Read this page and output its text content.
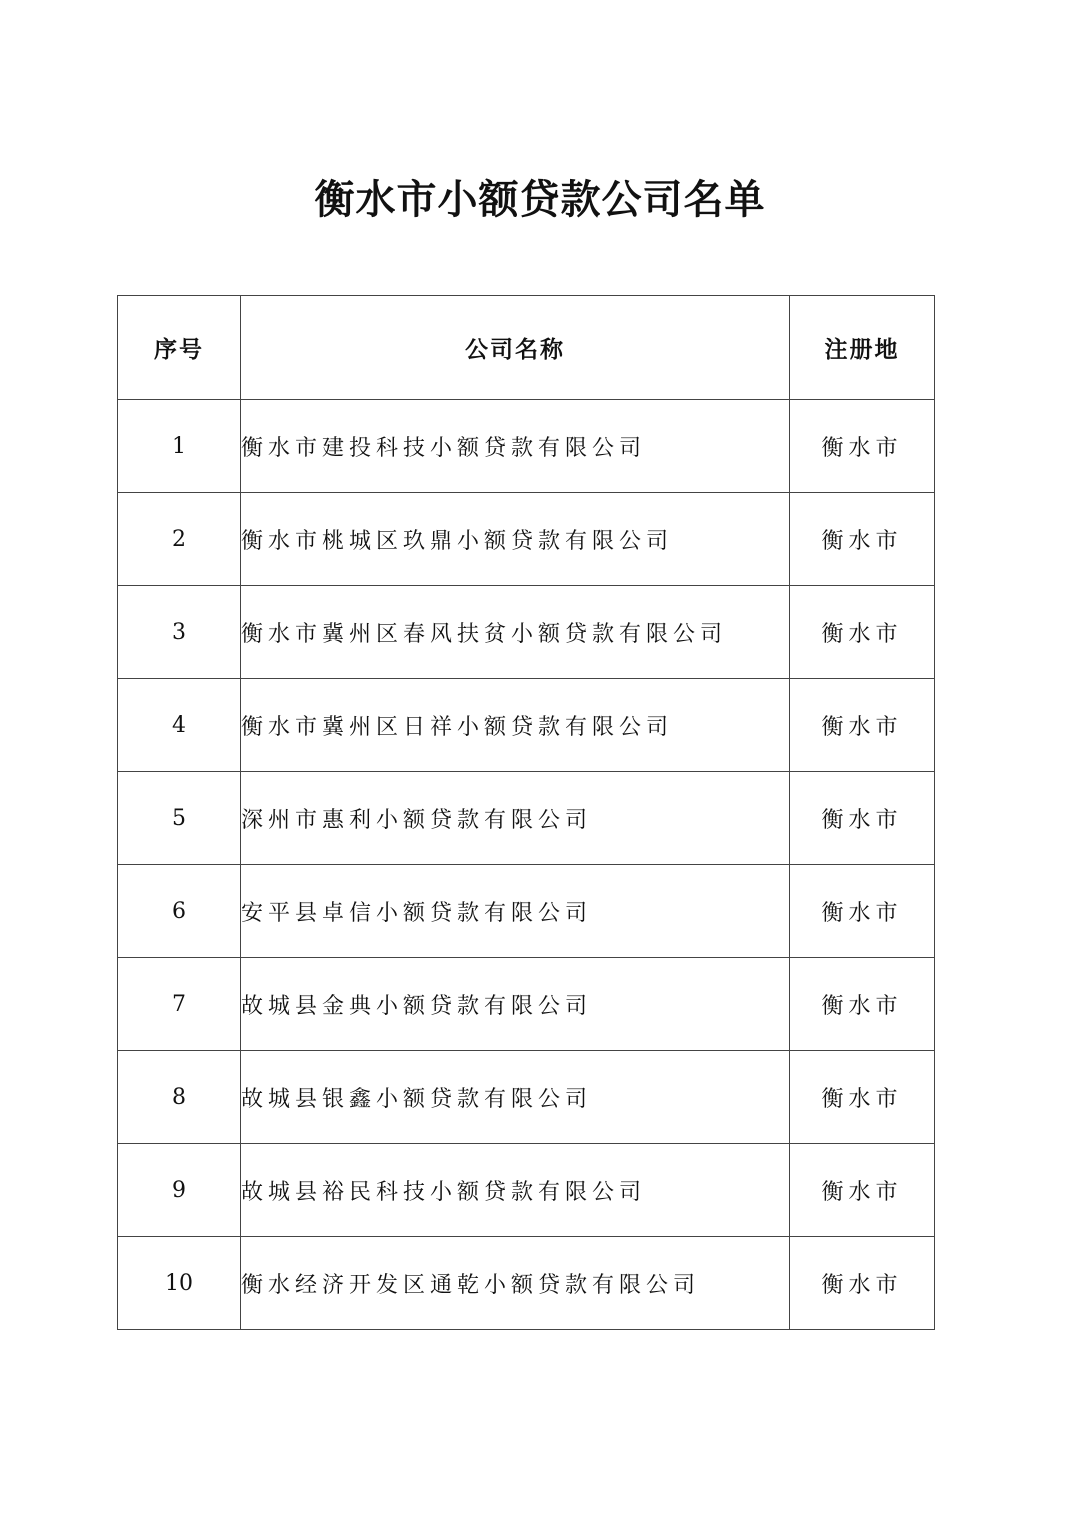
衡水市小额贷款公司名单
序号	公司名称	注册地
1	衡水市建投科技小额贷款有限公司	衡水市
2	衡水市桃城区玖鼎小额贷款有限公司	衡水市
3	衡水市冀州区春风扶贫小额贷款有限公司	衡水市
4	衡水市冀州区日祥小额贷款有限公司	衡水市
5	深州市惠利小额贷款有限公司	衡水市
6	安平县卓信小额贷款有限公司	衡水市
7	故城县金典小额贷款有限公司	衡水市
8	故城县银鑫小额贷款有限公司	衡水市
9	故城县裕民科技小额贷款有限公司	衡水市
10	衡水经济开发区通乾小额贷款有限公司	衡水市
